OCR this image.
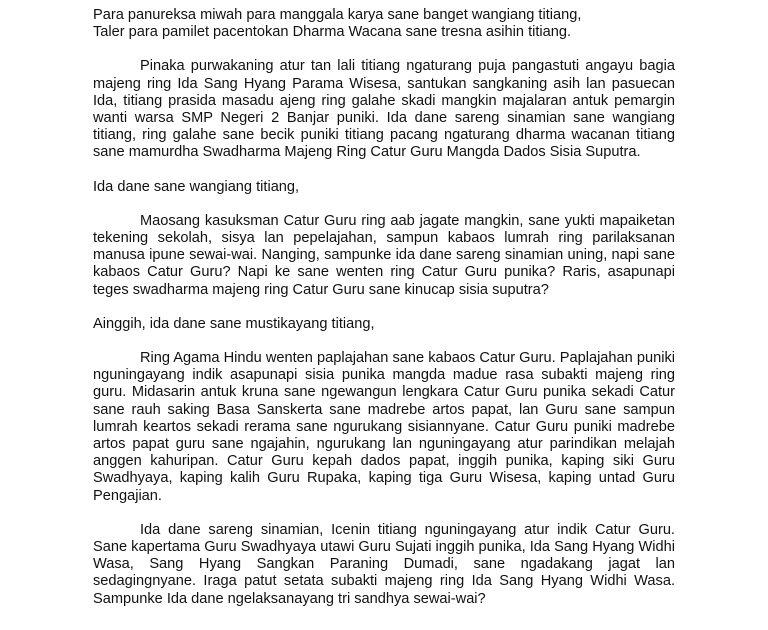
Para panureksa miwah para manggala karya sane banget wangiang titiang,
Taler para pamilet pacentokan Dharma Wacana sane tresna asihin titiang.

Pinaka purwakaning atur tan lali titiang ngaturang puja pangastuti angayu bagia majeng ring Ida Sang Hyang Parama Wisesa, santukan sangkaning asih lan pasuecan Ida, titiang prasida masadu ajeng ring galahe skadi mangkin majalaran antuk pemargin wanti warsa SMP Negeri 2 Banjar puniki. Ida dane sareng sinamian sane wangiang titiang, ring galahe sane becik puniki titiang pacang ngaturang dharma wacanan titiang sane mamurdha Swadharma Majeng Ring Catur Guru Mangda Dados Sisia Suputra.

Ida dane sane wangiang titiang,

Maosang kasuksman Catur Guru ring aab jagate mangkin, sane yukti mapaiketan tekening sekolah, sisya lan pepelajahan, sampun kabaos lumrah ring parilaksanan manusa ipune sewai-wai. Nanging, sampunke ida dane sareng sinamian uning, napi sane kabaos Catur Guru? Napi ke sane wenten ring Catur Guru punika? Raris, asapunapi teges swadharma majeng ring Catur Guru sane kinucap sisia suputra?

Ainggih, ida dane sane mustikayang titiang,

Ring Agama Hindu wenten paplajahan sane kabaos Catur Guru. Paplajahan puniki nguningayang indik asapunapi sisia punika mangda madue rasa subakti majeng ring guru. Midasarin antuk kruna sane ngewangun lengkara Catur Guru punika sekadi Catur sane rauh saking Basa Sanskerta sane madrebe artos papat, lan Guru sane sampun lumrah keartos sekadi rerama sane ngurukang sisiannyane. Catur Guru puniki madrebe artos papat guru sane ngajahin, ngurukang lan nguningayang atur parindikan melajah anggen kahuripan. Catur Guru kepah dados papat, inggih punika, kaping siki Guru Swadhyaya, kaping kalih Guru Rupaka, kaping tiga Guru Wisesa, kaping untad Guru Pengajian.

Ida dane sareng sinamian, Icenin titiang nguningayang atur indik Catur Guru. Sane kapertama Guru Swadhyaya utawi Guru Sujati inggih punika, Ida Sang Hyang Widhi Wasa, Sang Hyang Sangkan Paraning Dumadi, sane ngadakang jagat lan sedagingnyane. Iraga patut setata subakti majeng ring Ida Sang Hyang Widhi Wasa. Sampunke Ida dane ngelaksanayang tri sandhya sewai-wai?
